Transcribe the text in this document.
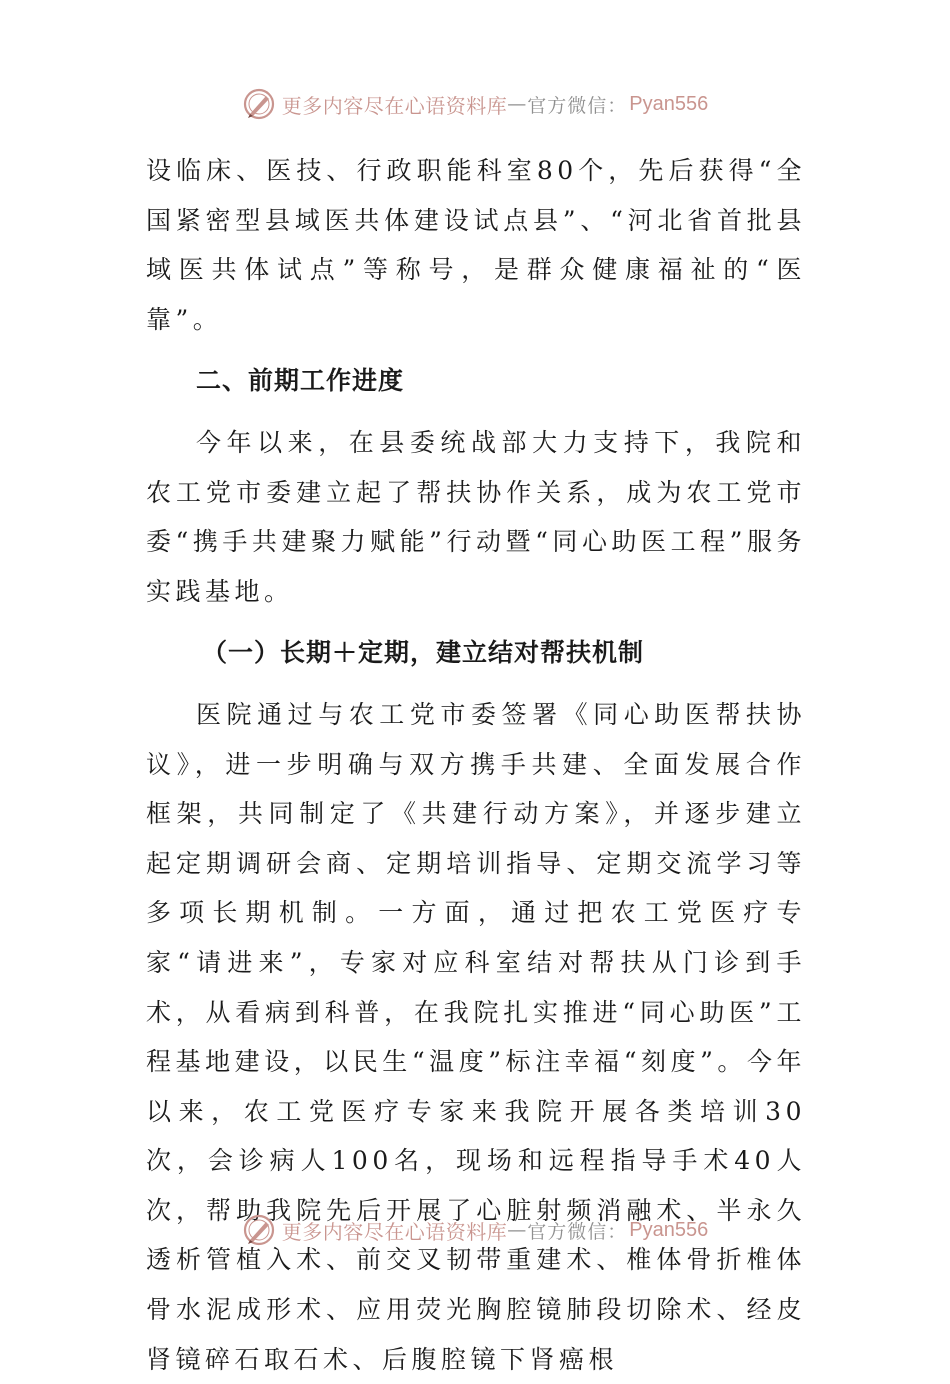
更多内容尽在心语资料库 — 官方微信： Pyan556

设临床、医技、行政职能科室80个，先后获得“全国紧密型县域医共体建设试点县”、“河北省首批县域医共体试点”等称号，是群众健康福祉的“医靠”。

二、前期工作进度

今年以来，在县委统战部大力支持下，我院和农工党市委建立起了帮扶协作关系，成为农工党市委“携手共建聚力赋能”行动暨“同心助医工程”服务实践基地。

（一）长期＋定期，建立结对帮扶机制

医院通过与农工党市委签署《同心助医帮扶协议》，进一步明确与双方携手共建、全面发展合作框架，共同制定了《共建行动方案》，并逐步建立起定期调研会商、定期培训指导、定期交流学习等多项长期机制。一方面，通过把农工党医疗专家“请进来”，专家对应科室结对帮扶从门诊到手术，从看病到科普，在我院扎实推进“同心助医”工程基地建设，以民生“温度”标注幸福“刻度”。今年以来，农工党医疗专家来我院开展各类培训30次，会诊病人100名，现场和远程指导手术40人次，帮助我院先后开展了心脏射频消融术、半永久透析管植入术、前交叉韧带重建术、椎体骨折椎体骨水泥成形术、应用荧光胸腔镜肺段切除术、经皮肾镜碎石取石术、后腹腔镜下肾癌根

更多内容尽在心语资料库 — 官方微信： Pyan556
